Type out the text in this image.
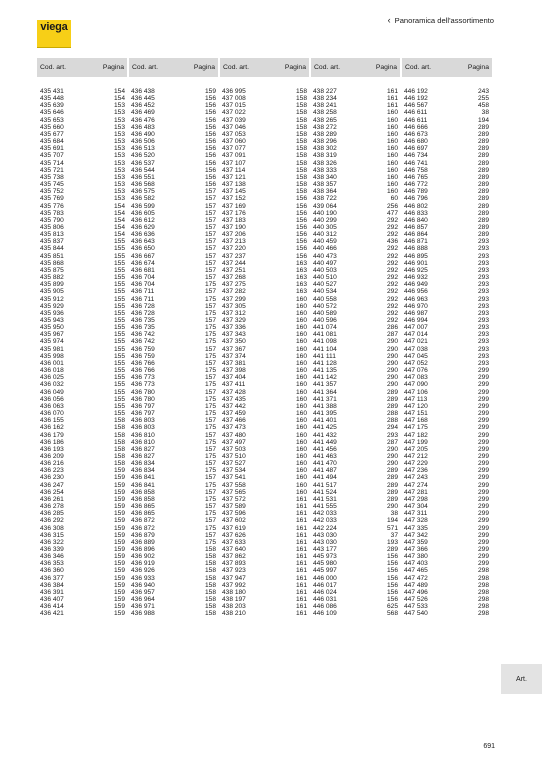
viega
‹ Panoramica dell'assortimento
Cod. art.	Pagina	Cod. art.	Pagina	Cod. art.	Pagina	Cod. art.	Pagina	Cod. art.	Pagina

435 431	154	436 438	159	436 995	158	438 227	161	446 192	243
435 448	154	436 445	156	437 008	158	438 234	161	446 192	255
435 639	153	436 452	156	437 015	158	438 241	161	446 567	458
435 646	153	436 469	156	437 022	158	438 258	160	446 611	38
435 653	153	436 476	156	437 039	158	438 265	160	446 611	194
435 660	153	436 483	156	437 046	158	438 272	160	446 666	289
435 677	153	436 490	156	437 053	158	438 289	160	446 673	289
435 684	153	436 506	156	437 060	158	438 296	160	446 680	289
435 691	153	436 513	156	437 077	158	438 302	160	446 697	289
435 707	153	436 520	156	437 091	158	438 319	160	446 734	289
435 714	153	436 537	156	437 107	158	438 326	160	446 741	289
435 721	153	436 544	156	437 114	158	438 333	160	446 758	289
435 738	153	436 551	156	437 121	158	438 340	160	446 765	289
435 745	153	436 568	156	437 138	158	438 357	160	446 772	289
435 752	153	436 575	157	437 145	158	438 364	160	446 789	289
435 769	153	436 582	157	437 152	156	438 722	60	446 796	289
435 776	154	436 599	157	437 169	156	439 064	256	446 802	289
435 783	154	436 605	157	437 176	156	440 190	477	446 833	289
435 790	154	436 612	157	437 183	156	440 299	292	446 840	289
435 806	154	436 629	157	437 190	156	440 305	292	446 857	289
435 813	154	436 636	157	437 206	156	440 312	292	446 864	289
435 837	155	436 643	157	437 213	156	440 459	436	446 871	293
435 844	155	436 650	157	437 220	156	440 466	292	446 888	293
435 851	155	436 667	157	437 237	156	440 473	292	446 895	293
435 868	155	436 674	157	437 244	163	440 497	292	446 901	293
435 875	155	436 681	157	437 251	163	440 503	292	446 925	293
435 882	155	436 704	157	437 268	163	440 510	292	446 932	293
435 899	155	436 704	175	437 275	163	440 527	292	446 949	293
435 905	155	436 711	157	437 282	163	440 534	292	446 956	293
435 912	155	436 711	175	437 299	160	440 558	292	446 963	293
435 929	155	436 728	157	437 305	160	440 572	292	446 970	293
435 936	155	436 728	175	437 312	160	440 589	292	446 987	293
435 943	155	436 735	157	437 329	160	440 596	292	446 994	293
435 950	155	436 735	175	437 336	160	441 074	286	447 007	293
435 967	155	436 742	175	437 343	160	441 081	287	447 014	293
435 974	155	436 742	175	437 350	160	441 098	290	447 021	293
435 981	155	436 759	157	437 367	160	441 104	290	447 038	293
435 998	155	436 759	175	437 374	160	441 111	290	447 045	293
436 001	155	436 766	157	437 381	160	441 128	290	447 052	293
436 018	155	436 766	175	437 398	160	441 135	290	447 076	299
436 025	155	436 773	157	437 404	160	441 142	290	447 083	299
436 032	155	436 773	175	437 411	160	441 357	290	447 090	299
436 049	155	436 780	157	437 428	160	441 364	289	447 106	299
436 056	155	436 780	175	437 435	160	441 371	289	447 113	299
436 063	155	436 797	175	437 442	160	441 388	289	447 120	299
436 070	155	436 797	175	437 459	160	441 395	288	447 151	299
436 155	158	436 803	157	437 466	160	441 401	288	447 168	299
436 162	158	436 803	175	437 473	160	441 425	294	447 175	299
436 179	158	436 810	157	437 480	160	441 432	293	447 182	299
436 186	158	436 810	175	437 497	160	441 449	287	447 199	299
436 193	158	436 827	157	437 503	160	441 456	290	447 205	299
436 209	158	436 827	175	437 510	160	441 463	290	447 212	299
436 216	158	436 834	157	437 527	160	441 470	290	447 229	299
436 223	159	436 834	175	437 534	160	441 487	289	447 236	299
436 230	159	436 841	157	437 541	160	441 494	289	447 243	299
436 247	159	436 841	175	437 558	160	441 517	289	447 274	299
436 254	159	436 858	157	437 565	160	441 524	289	447 281	299
436 261	159	436 858	175	437 572	161	441 531	289	447 298	299
436 278	159	436 865	157	437 589	161	441 555	290	447 304	299
436 285	159	436 865	175	437 596	161	442 033	38	447 311	299
436 292	159	436 872	157	437 602	161	442 033	194	447 328	299
436 308	159	436 872	175	437 619	161	442 224	571	447 335	299
436 315	159	436 879	157	437 626	161	443 030	37	447 342	299
436 322	159	436 889	175	437 633	161	443 030	193	447 359	299
436 339	159	436 896	158	437 640	161	443 177	289	447 366	299
436 346	159	436 902	158	437 862	161	445 973	156	447 380	299
436 353	159	436 919	158	437 893	161	445 980	156	447 403	299
436 360	159	436 926	158	437 923	161	445 997	156	447 465	298
436 377	159	436 933	158	437 947	161	446 000	156	447 472	298
436 384	159	436 940	158	437 992	161	446 017	156	447 489	298
436 391	159	436 957	158	438 180	161	446 024	156	447 496	298
436 407	159	436 964	158	438 197	161	446 031	156	447 526	298
436 414	159	436 971	158	438 203	161	446 086	625	447 533	298
436 421	159	436 988	158	438 210	161	446 109	568	447 540	298
Art.
691
